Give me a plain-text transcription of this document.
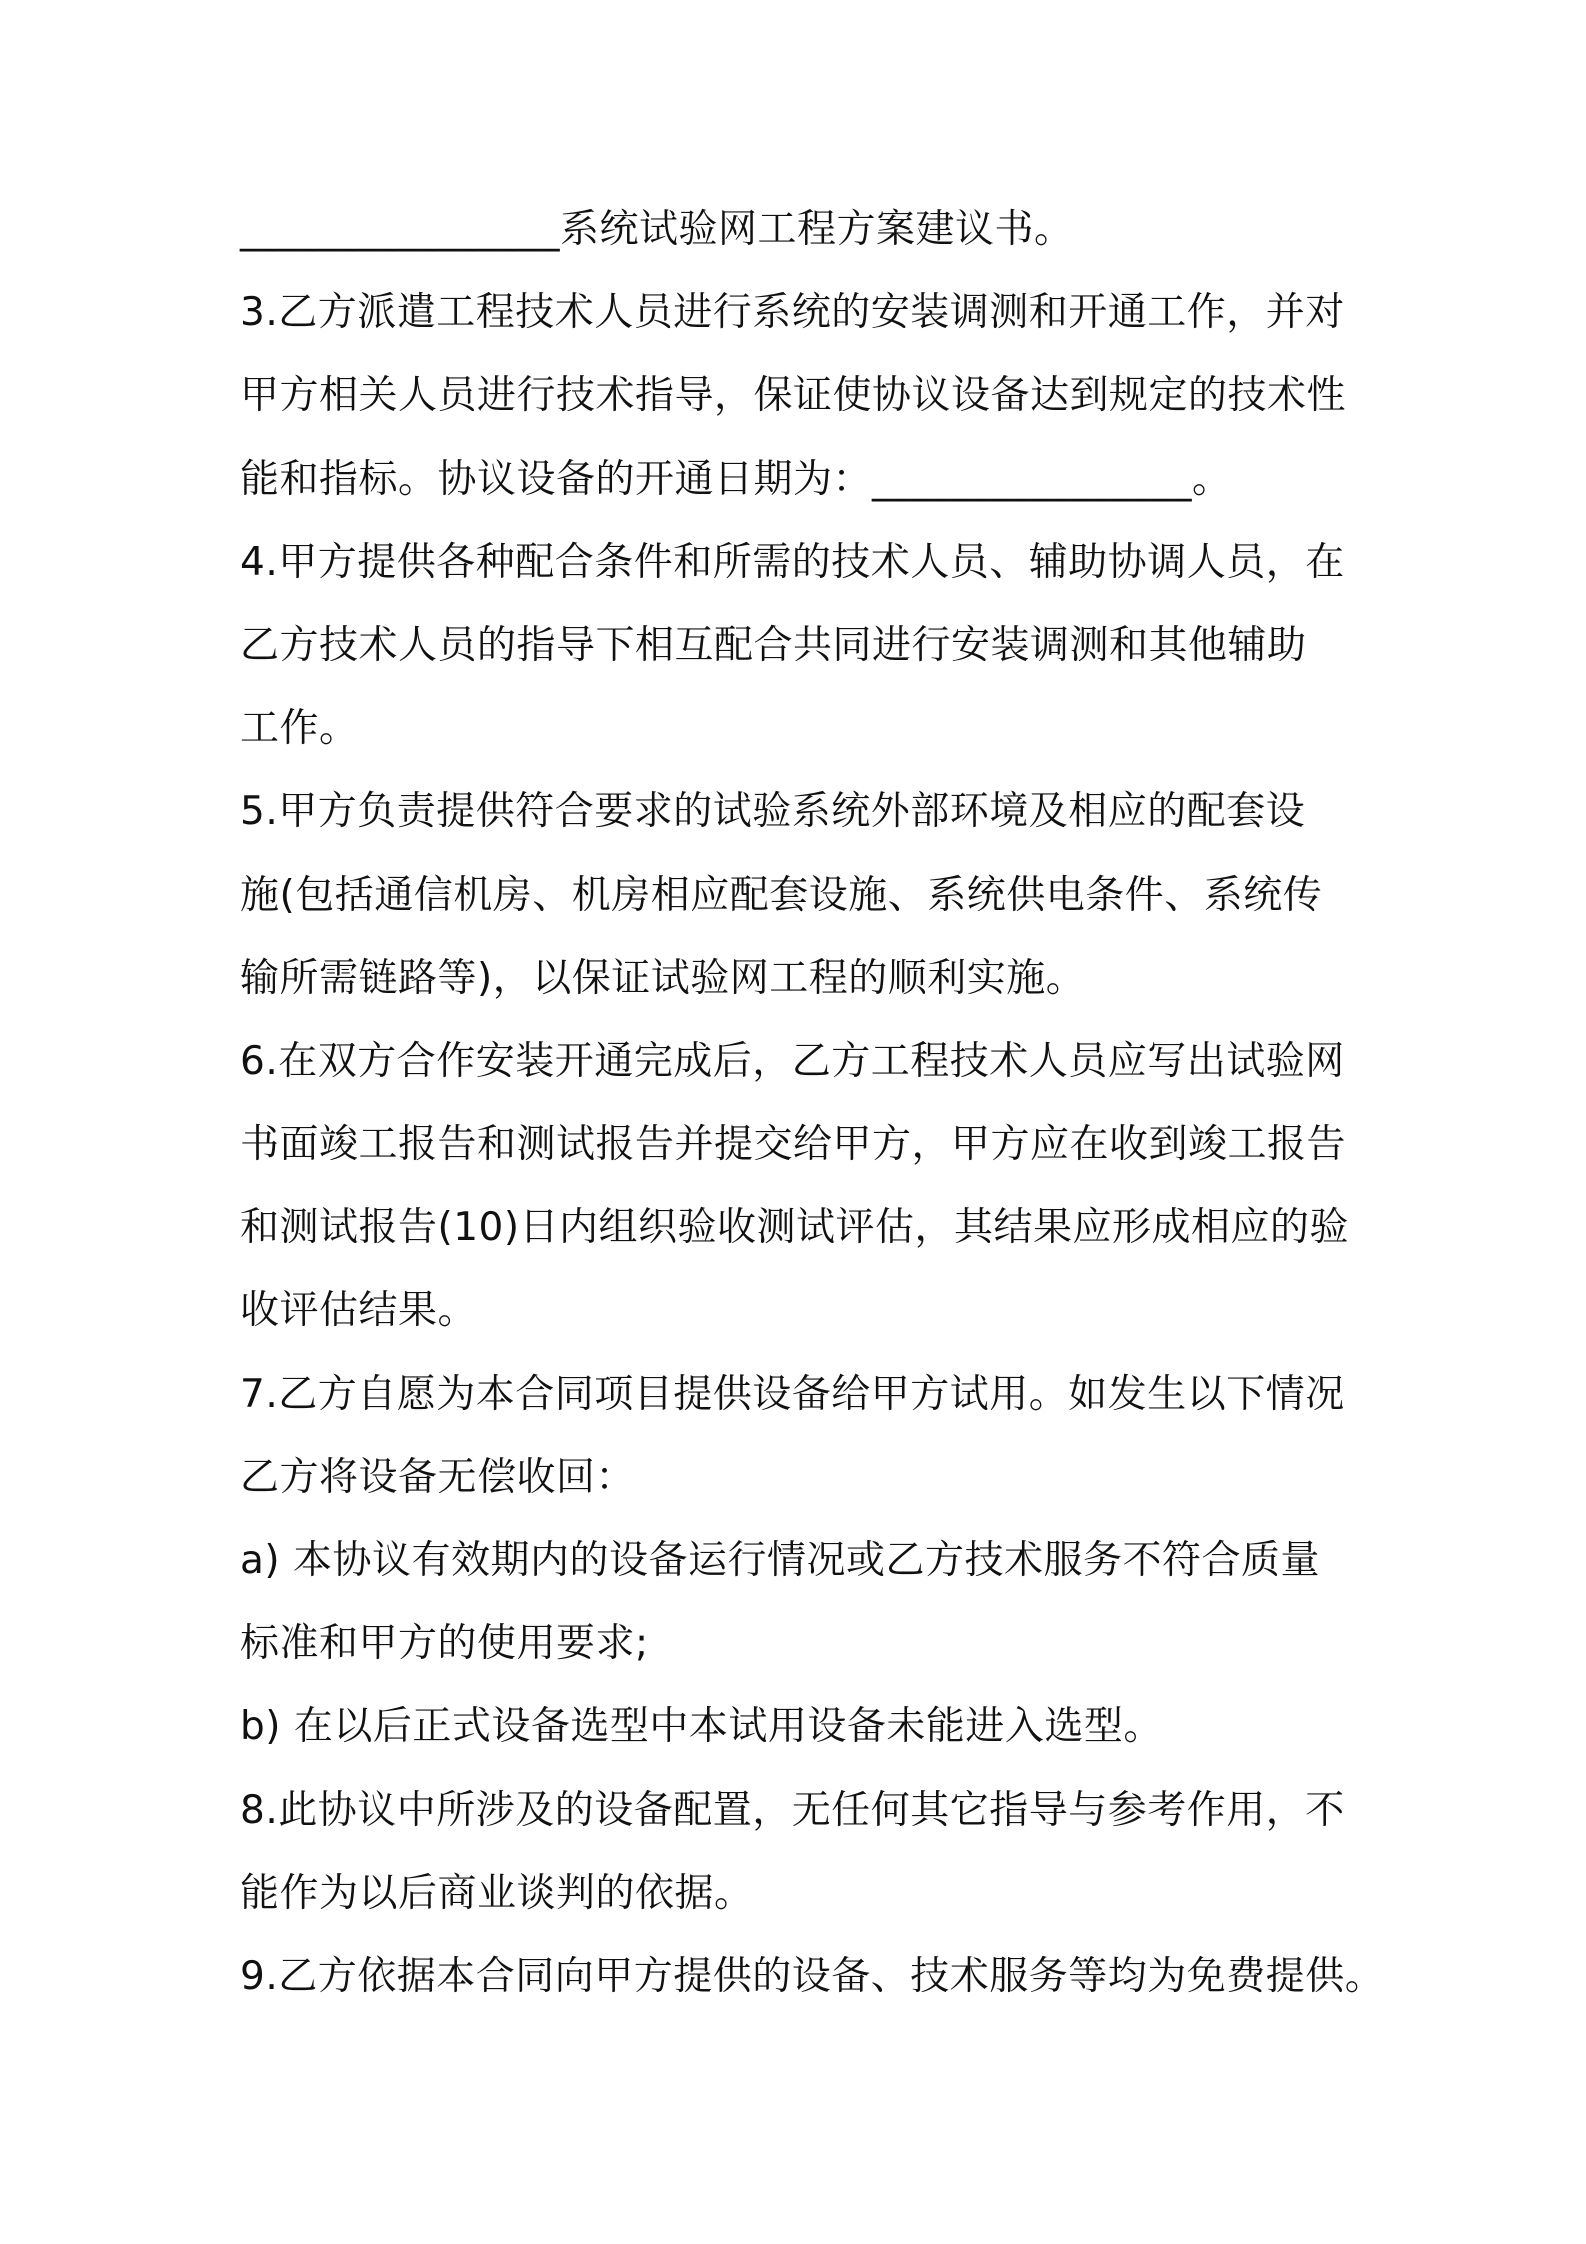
________________系统试验网工程方案建议书。
3.乙方派遣工程技术人员进行系统的安装调测和开通工作，并对
甲方相关人员进行技术指导，保证使协议设备达到规定的技术性
能和指标。协议设备的开通日期为：________________。
4.甲方提供各种配合条件和所需的技术人员、辅助协调人员，在
乙方技术人员的指导下相互配合共同进行安装调测和其他辅助
工作。
5.甲方负责提供符合要求的试验系统外部环境及相应的配套设
施(包括通信机房、机房相应配套设施、系统供电条件、系统传
输所需链路等)，以保证试验网工程的顺利实施。
6.在双方合作安装开通完成后，乙方工程技术人员应写出试验网
书面竣工报告和测试报告并提交给甲方，甲方应在收到竣工报告
和测试报告(10)日内组织验收测试评估，其结果应形成相应的验
收评估结果。
7.乙方自愿为本合同项目提供设备给甲方试用。如发生以下情况
乙方将设备无偿收回：
a) 本协议有效期内的设备运行情况或乙方技术服务不符合质量
标准和甲方的使用要求;
b) 在以后正式设备选型中本试用设备未能进入选型。
8.此协议中所涉及的设备配置，无任何其它指导与参考作用，不
能作为以后商业谈判的依据。
9.乙方依据本合同向甲方提供的设备、技术服务等均为免费提供。
